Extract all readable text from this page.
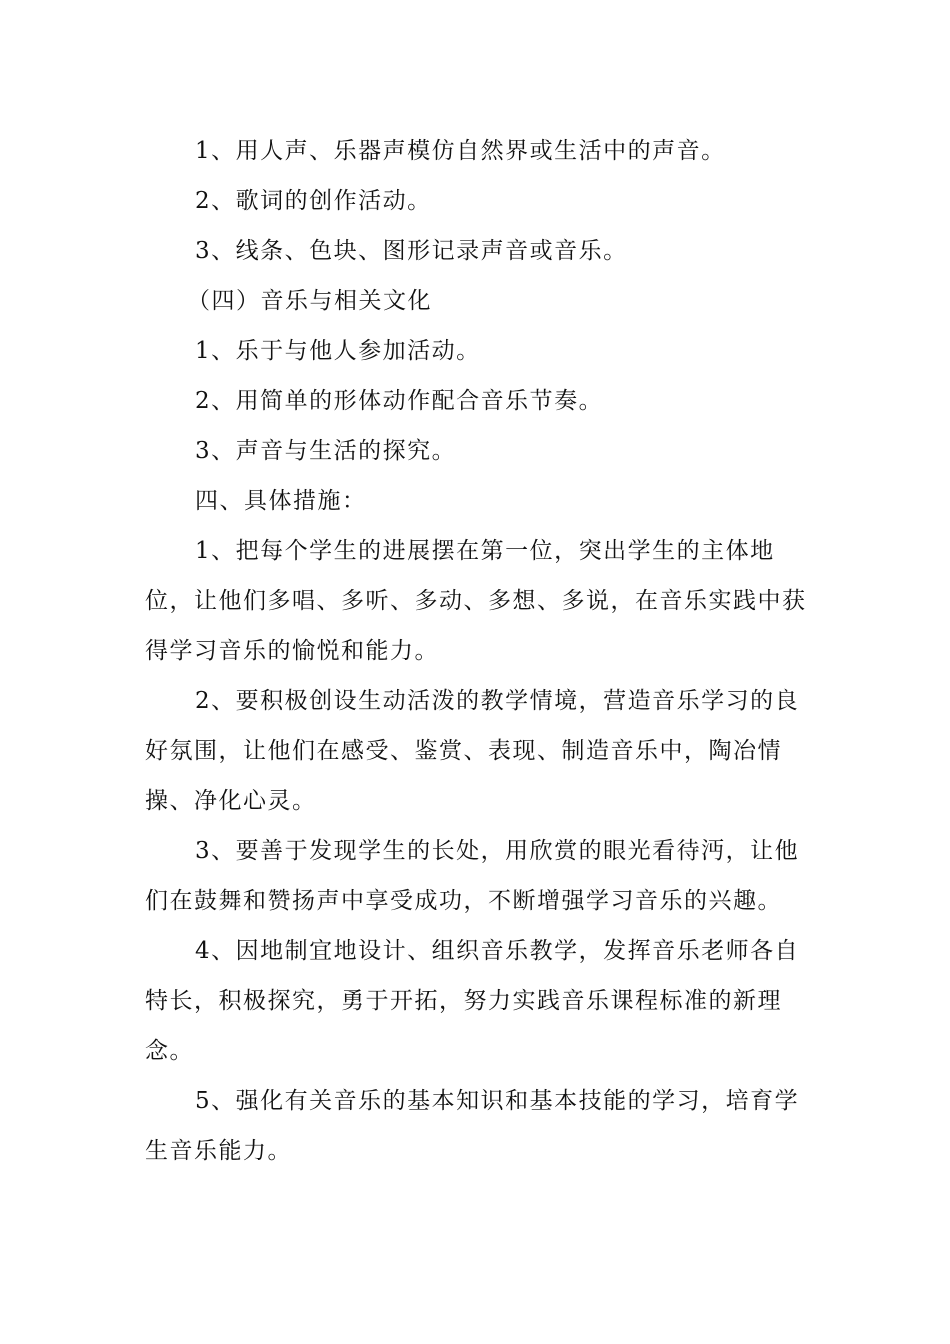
1、用人声、乐器声模仿自然界或生活中的声音。

2、歌词的创作活动。

3、线条、色块、图形记录声音或音乐。

（四）音乐与相关文化

1、乐于与他人参加活动。

2、用简单的形体动作配合音乐节奏。

3、声音与生活的探究。

四、具体措施：

1、把每个学生的进展摆在第一位，突出学生的主体地位，让他们多唱、多听、多动、多想、多说，在音乐实践中获得学习音乐的愉悦和能力。

2、要积极创设生动活泼的教学情境，营造音乐学习的良好氛围，让他们在感受、鉴赏、表现、制造音乐中，陶冶情操、净化心灵。

3、要善于发现学生的长处，用欣赏的眼光看待沔，让他们在鼓舞和赞扬声中享受成功，不断增强学习音乐的兴趣。

4、因地制宜地设计、组织音乐教学，发挥音乐老师各自特长，积极探究，勇于开拓，努力实践音乐课程标准的新理念。

5、强化有关音乐的基本知识和基本技能的学习，培育学生音乐能力。
